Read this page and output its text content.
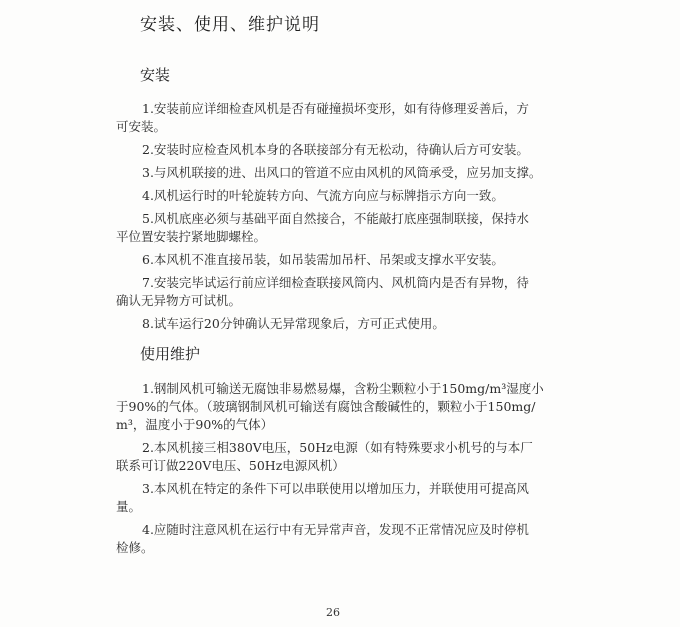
安装、使用、维护说明
安装

1.安装前应详细检查风机是否有碰撞损坏变形，如有待修理妥善后，方
可安装。

2.安装时应检查风机本身的各联接部分有无松动，待确认后方可安装。

3.与风机联接的进、出风口的管道不应由风机的风筒承受，应另加支撑。

4.风机运行时的叶轮旋转方向、气流方向应与标牌指示方向一致。

5.风机底座必须与基础平面自然接合，不能敲打底座强制联接，保持水
平位置安装拧紧地脚螺栓。

6.本风机不准直接吊装，如吊装需加吊杆、吊架或支撑水平安装。

7.安装完毕试运行前应详细检查联接风筒内、风机筒内是否有异物，待
确认无异物方可试机。

8.试车运行20分钟确认无异常现象后，方可正式使用。

使用维护

1.钢制风机可输送无腐蚀非易燃易爆，含粉尘颗粒小于150mg/m³湿度小
于90%的气体。（玻璃钢制风机可输送有腐蚀含酸碱性的，颗粒小于150mg/
m³，温度小于90%的气体）

2.本风机接三相380V电压，50Hz电源（如有特殊要求小机号的与本厂
联系可订做220V电压、50Hz电源风机）

3.本风机在特定的条件下可以串联使用以增加压力，并联使用可提高风
量。

4.应随时注意风机在运行中有无异常声音，发现不正常情况应及时停机
检修。

26
